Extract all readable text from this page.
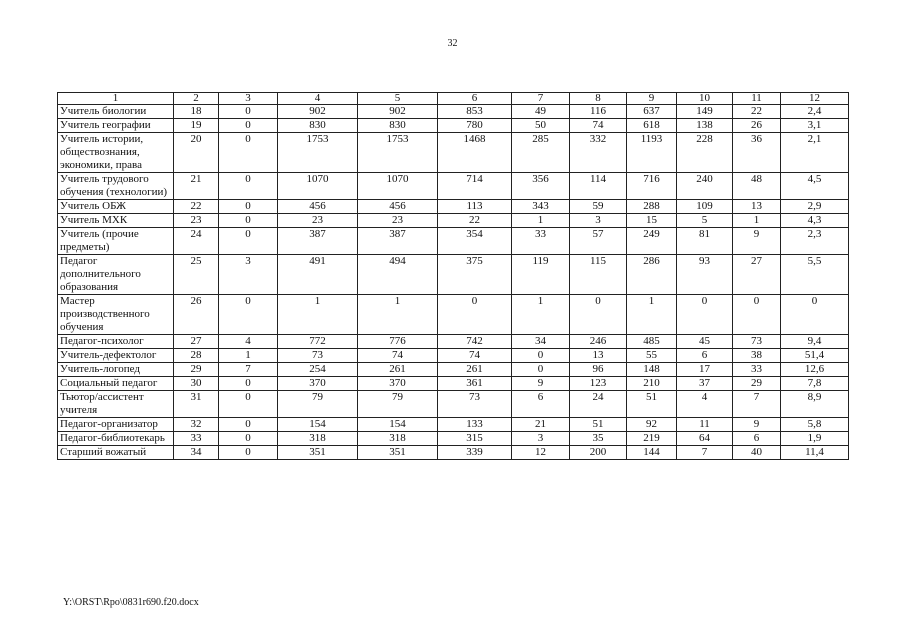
32
1	2	3	4	5	6	7	8	9	10	11	12
Учитель биологии	18	0	902	902	853	49	116	637	149	22	2,4
Учитель географии	19	0	830	830	780	50	74	618	138	26	3,1
Учитель истории, обществознания, экономики, права	20	0	1753	1753	1468	285	332	1193	228	36	2,1
Учитель трудового обучения (технологии)	21	0	1070	1070	714	356	114	716	240	48	4,5
Учитель ОБЖ	22	0	456	456	113	343	59	288	109	13	2,9
Учитель МХК	23	0	23	23	22	1	3	15	5	1	4,3
Учитель (прочие предметы)	24	0	387	387	354	33	57	249	81	9	2,3
Педагог дополнительного образования	25	3	491	494	375	119	115	286	93	27	5,5
Мастер производственного обучения	26	0	1	1	0	1	0	1	0	0	0
Педагог-психолог	27	4	772	776	742	34	246	485	45	73	9,4
Учитель-дефектолог	28	1	73	74	74	0	13	55	6	38	51,4
Учитель-логопед	29	7	254	261	261	0	96	148	17	33	12,6
Социальный педагог	30	0	370	370	361	9	123	210	37	29	7,8
Тьютор/ассистент учителя	31	0	79	79	73	6	24	51	4	7	8,9
Педагог-организатор	32	0	154	154	133	21	51	92	11	9	5,8
Педагог-библиотекарь	33	0	318	318	315	3	35	219	64	6	1,9
Старший вожатый	34	0	351	351	339	12	200	144	7	40	11,4
Y:\ORST\Rpo\0831r690.f20.docx
